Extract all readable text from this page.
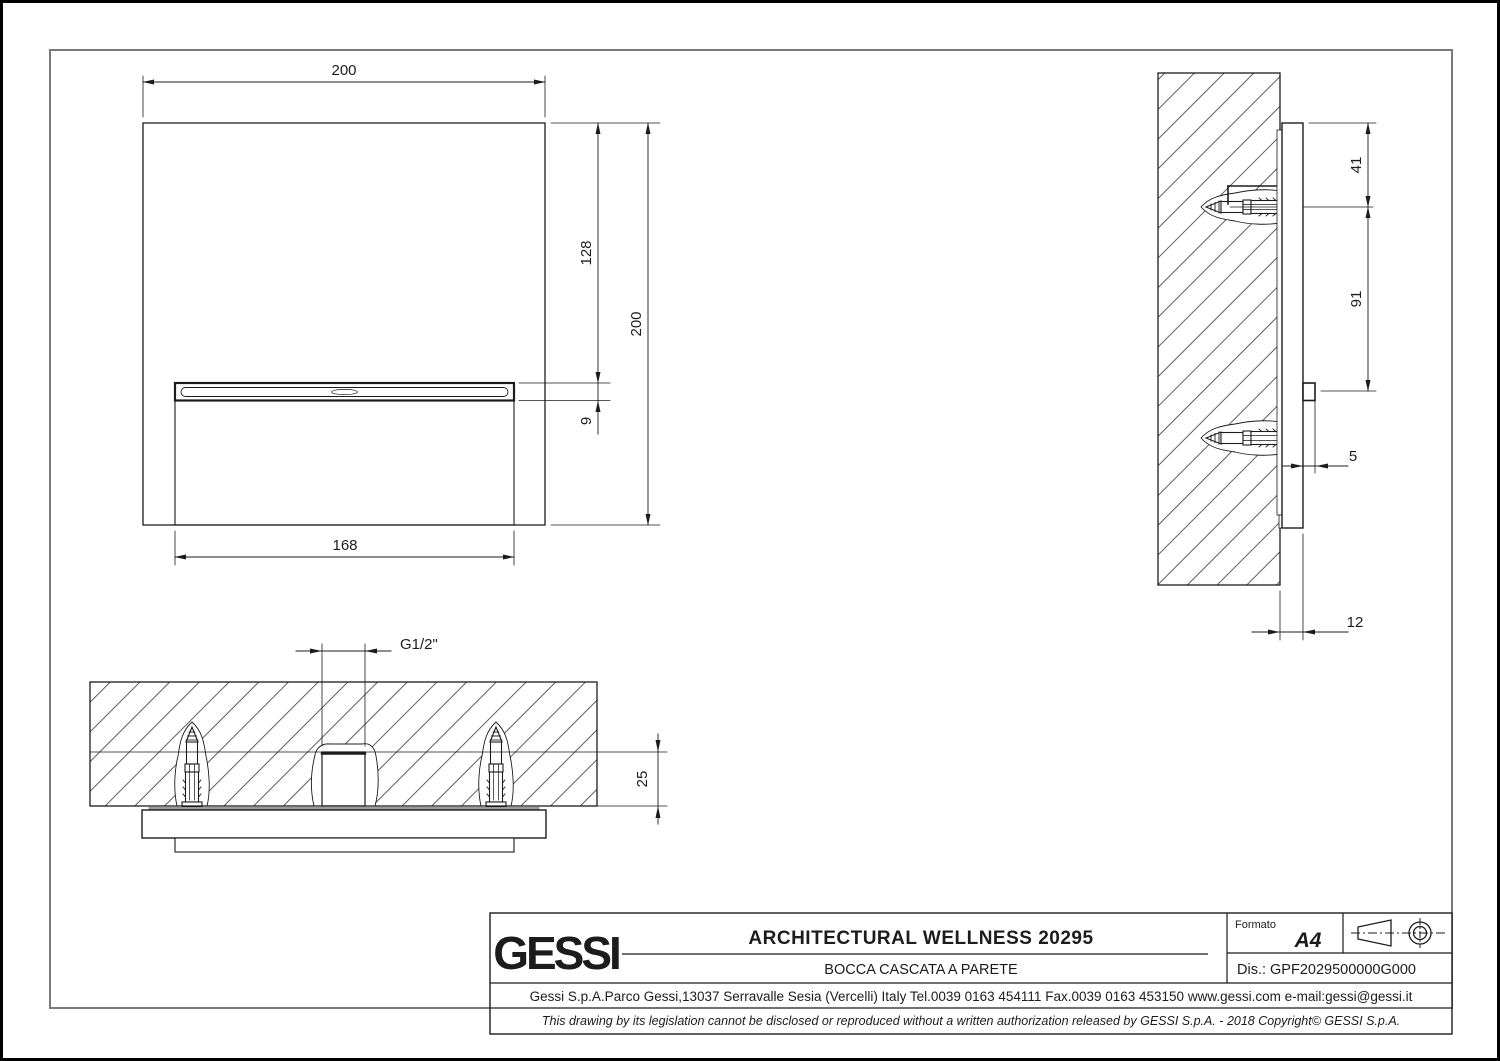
200
128
9
200
168
41
91
5
12
G1/2"
25
GESSI	ARCHITECTURAL WELLNESS 20295
BOCCA CASCATA A PARETE
Formato
A4
Dis.: GPF2029500000G000
Gessi S.p.A.Parco Gessi,13037 Serravalle Sesia (Vercelli) Italy Tel.0039 0163 454111 Fax.0039 0163 453150 www.gessi.com e-mail:gessi@gessi.it
This drawing by its legislation cannot be disclosed or reproduced without a written authorization released by GESSI S.p.A. - 2018 Copyright© GESSI S.p.A.
